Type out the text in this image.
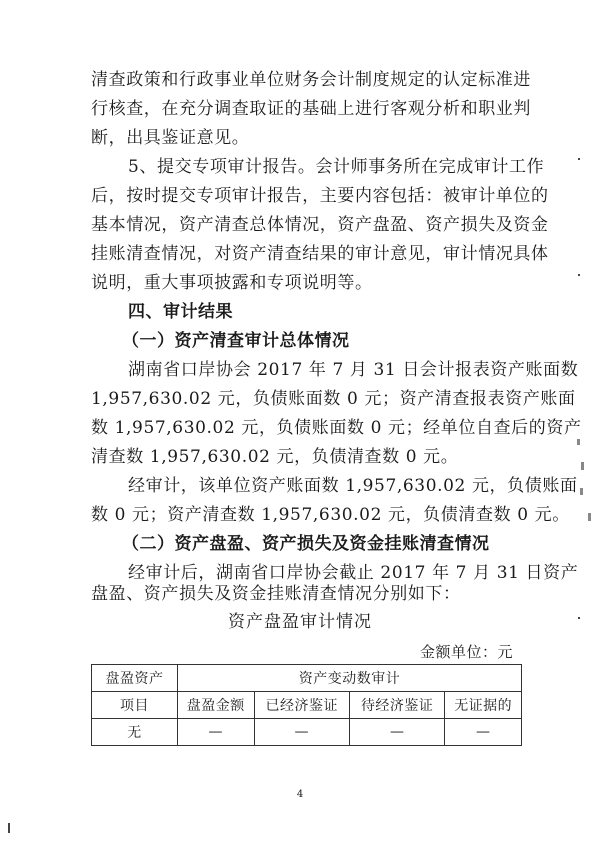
清查政策和行政事业单位财务会计制度规定的认定标准进
行核查，在充分调查取证的基础上进行客观分析和职业判
断，出具鉴证意见。
5、提交专项审计报告。会计师事务所在完成审计工作
后，按时提交专项审计报告，主要内容包括：被审计单位的
基本情况，资产清查总体情况，资产盘盈、资产损失及资金
挂账清查情况，对资产清查结果的审计意见，审计情况具体
说明，重大事项披露和专项说明等。
四、审计结果
（一）资产清查审计总体情况
湖南省口岸协会 2017 年 7 月 31 日会计报表资产账面数
1,957,630.02 元，负债账面数 0 元；资产清查报表资产账面
数 1,957,630.02 元，负债账面数 0 元；经单位自查后的资产
清查数 1,957,630.02 元，负债清查数 0 元。
经审计，该单位资产账面数 1,957,630.02 元，负债账面
数 0 元；资产清查数 1,957,630.02 元，负债清查数 0 元。
（二）资产盘盈、资产损失及资金挂账清查情况
经审计后，湖南省口岸协会截止 2017 年 7 月 31 日资产
盘盈、资产损失及资金挂账清查情况分别如下：
资产盘盈审计情况
金额单位：元
盘盈资产	资产变动数审计			
项目	盘盈金额	已经济鉴证	待经济鉴证	无证据的
无	—	—	—	—
4
